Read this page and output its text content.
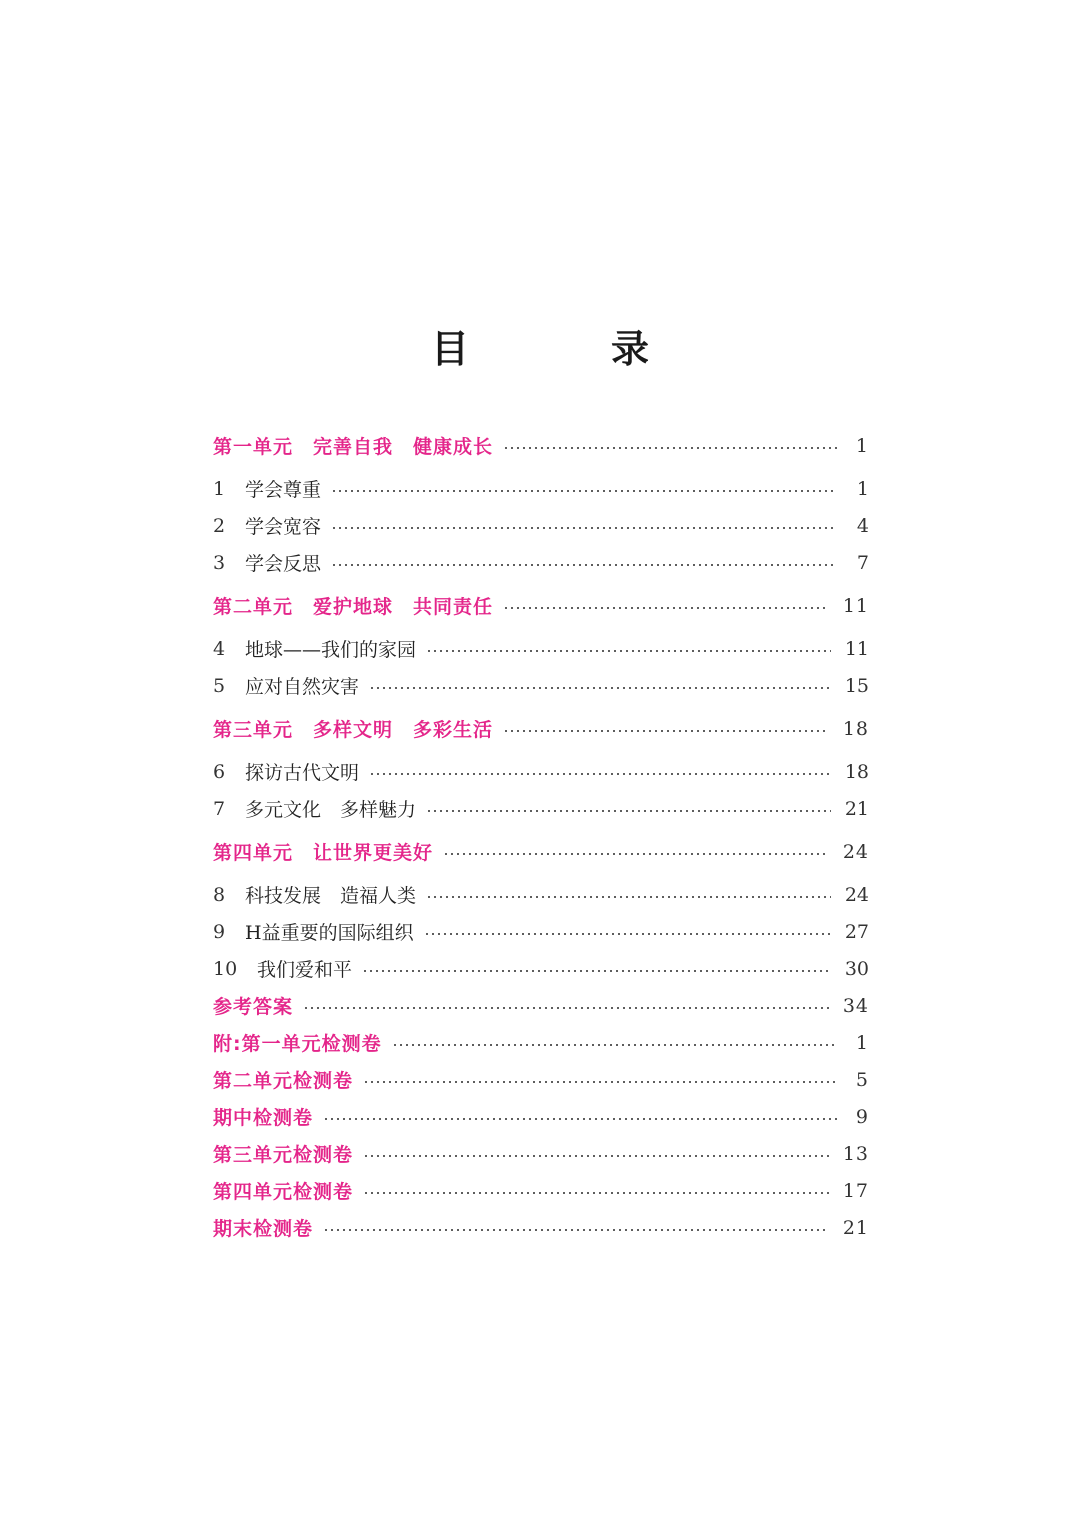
目　录
第一单元　完善自我　健康成长	1
1	学会尊重	1
2	学会宽容	4
3	学会反思	7
第二单元　爱护地球　共同责任	11
4	地球——我们的家园	11
5	应对自然灾害	15
第三单元　多样文明　多彩生活	18
6	探访古代文明	18
7	多元文化　多样魅力	21
第四单元　让世界更美好	24
8	科技发展　造福人类	24
9	H益重要的国际组织	27
10	我们爱和平	30
参考答案	34
附:第一单元检测卷	1
第二单元检测卷	5
期中检测卷	9
第三单元检测卷	13
第四单元检测卷	17
期末检测卷	21
